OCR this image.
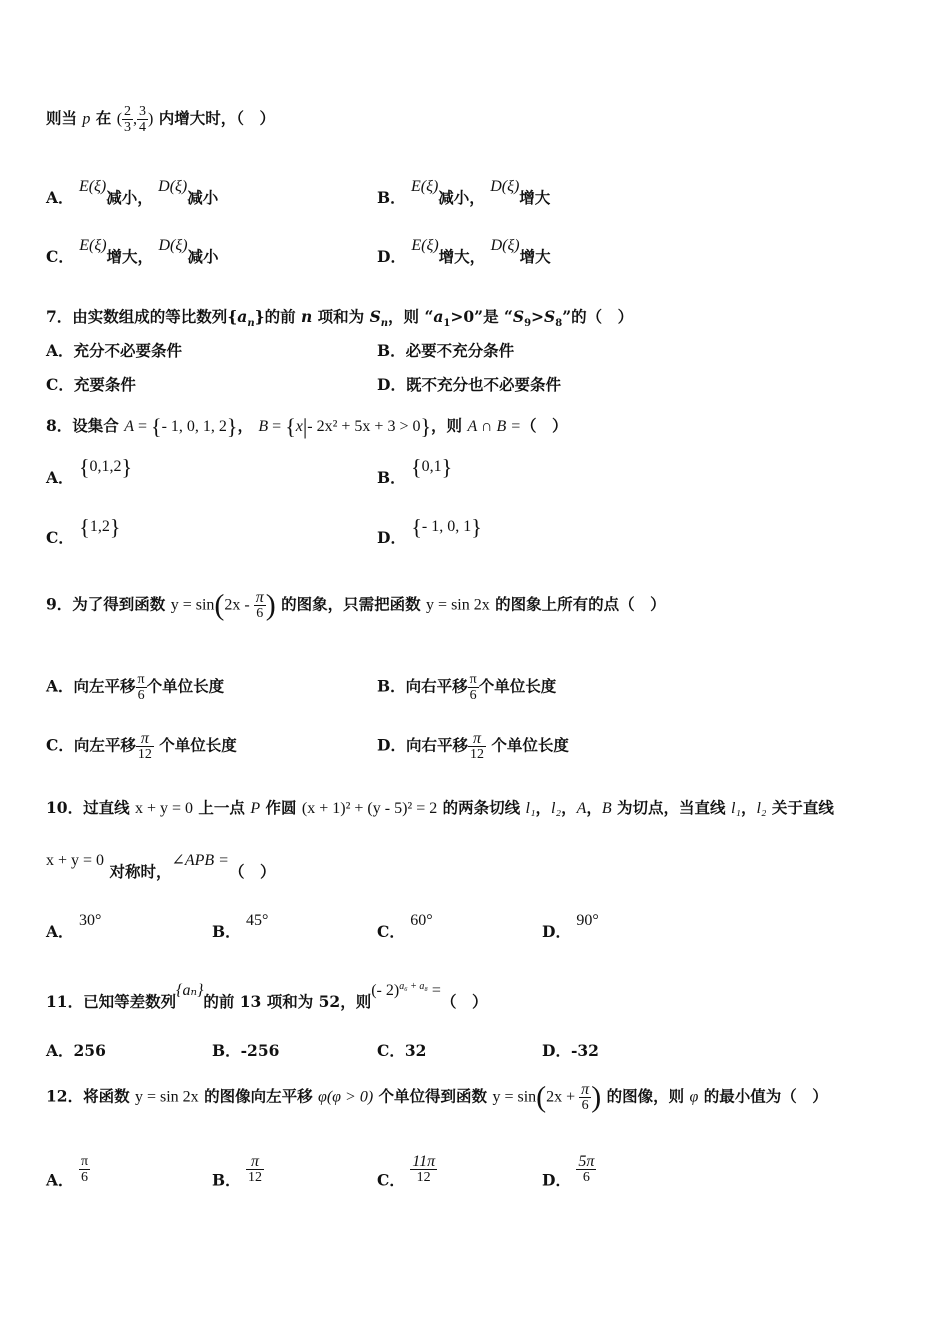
则当 p 在 ( $\frac{2}{3}$ , $\frac{3}{4}$ ) 内增大时，（　）
A． E(ξ)减小， D(ξ)减小	B． E(ξ)减小， D(ξ)增大
C． E(ξ)增大， D(ξ)减小	D． E(ξ)增大， D(ξ)增大
7．由实数组成的等比数列$\{a_n\}$的前 n 项和为 $S_n$，则 “$a_1>0$”是 “$S_9>S_8$”的（　）
A．充分不必要条件	B．必要不充分条件
C．充要条件	D．既不充分也不必要条件
8．设集合 A = {- 1, 0, 1, 2}， B = {x|- 2x² + 5x + 3 > 0}，则 A ∩ B =（　）
A． {0,1,2}	B． {0,1}
C． {1,2}	D． {- 1, 0, 1}
9．为了得到函数 $y = \sin(2x - \frac{\pi}{6}$ ) 的图象，只需把函数 y = sin 2x 的图象上所有的点（　）
A．向左平移 $\frac{\pi}{6}$ 个单位长度	B．向右平移 $\frac{\pi}{6}$ 个单位长度
C．向左平移 $\frac{\pi}{12}$ 个单位长度	D．向右平移 $\frac{\pi}{12}$ 个单位长度
10．过直线 x + y = 0 上一点 P 作圆 (x + 1)² + (y - 5)² = 2 的两条切线 l₁，l₂，A，B 为切点，当直线 l₁，l₂ 关于直线
x + y = 0 对称时，∠APB =（　）
A． 30°
B． 45°
C． 60°
D． 90°
11．已知等差数列{aₙ}的前 13 项和为 52，则(- 2)$^{a_6 + a_8}$ =（　）
A．256	B．-256	C．32	D．-32
12．将函数 y = sin 2x 的图像向左平移 φ(φ > 0) 个单位得到函数 $y = \sin(2x + \frac{\pi}{6}$ ) 的图像，则 φ 的最小值为（　）
A． $\frac{\pi}{6}$	B． $\frac{\pi}{12}$	C． $\frac{11\pi}{12}$	D． $\frac{5\pi}{6}$
